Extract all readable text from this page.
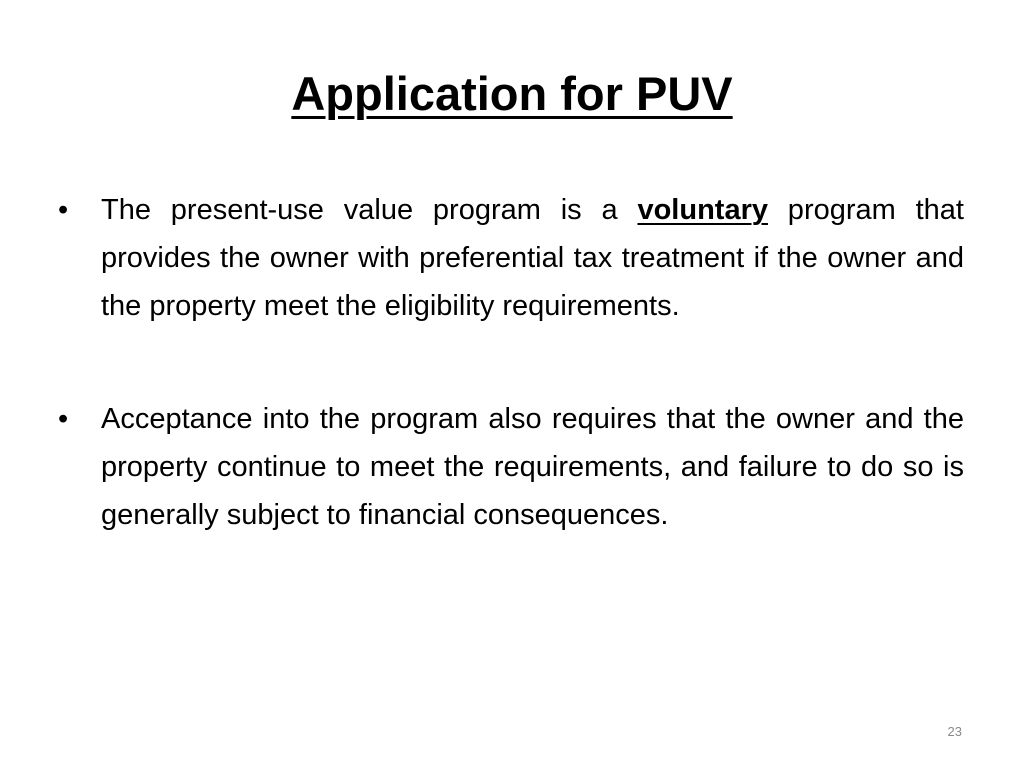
Application for PUV
•	The present-use value program is a voluntary program that provides the owner with preferential tax treatment if the owner and the property meet the eligibility requirements.
•	Acceptance into the program also requires that the owner and the property continue to meet the requirements, and failure to do so is generally subject to financial consequences.
23
